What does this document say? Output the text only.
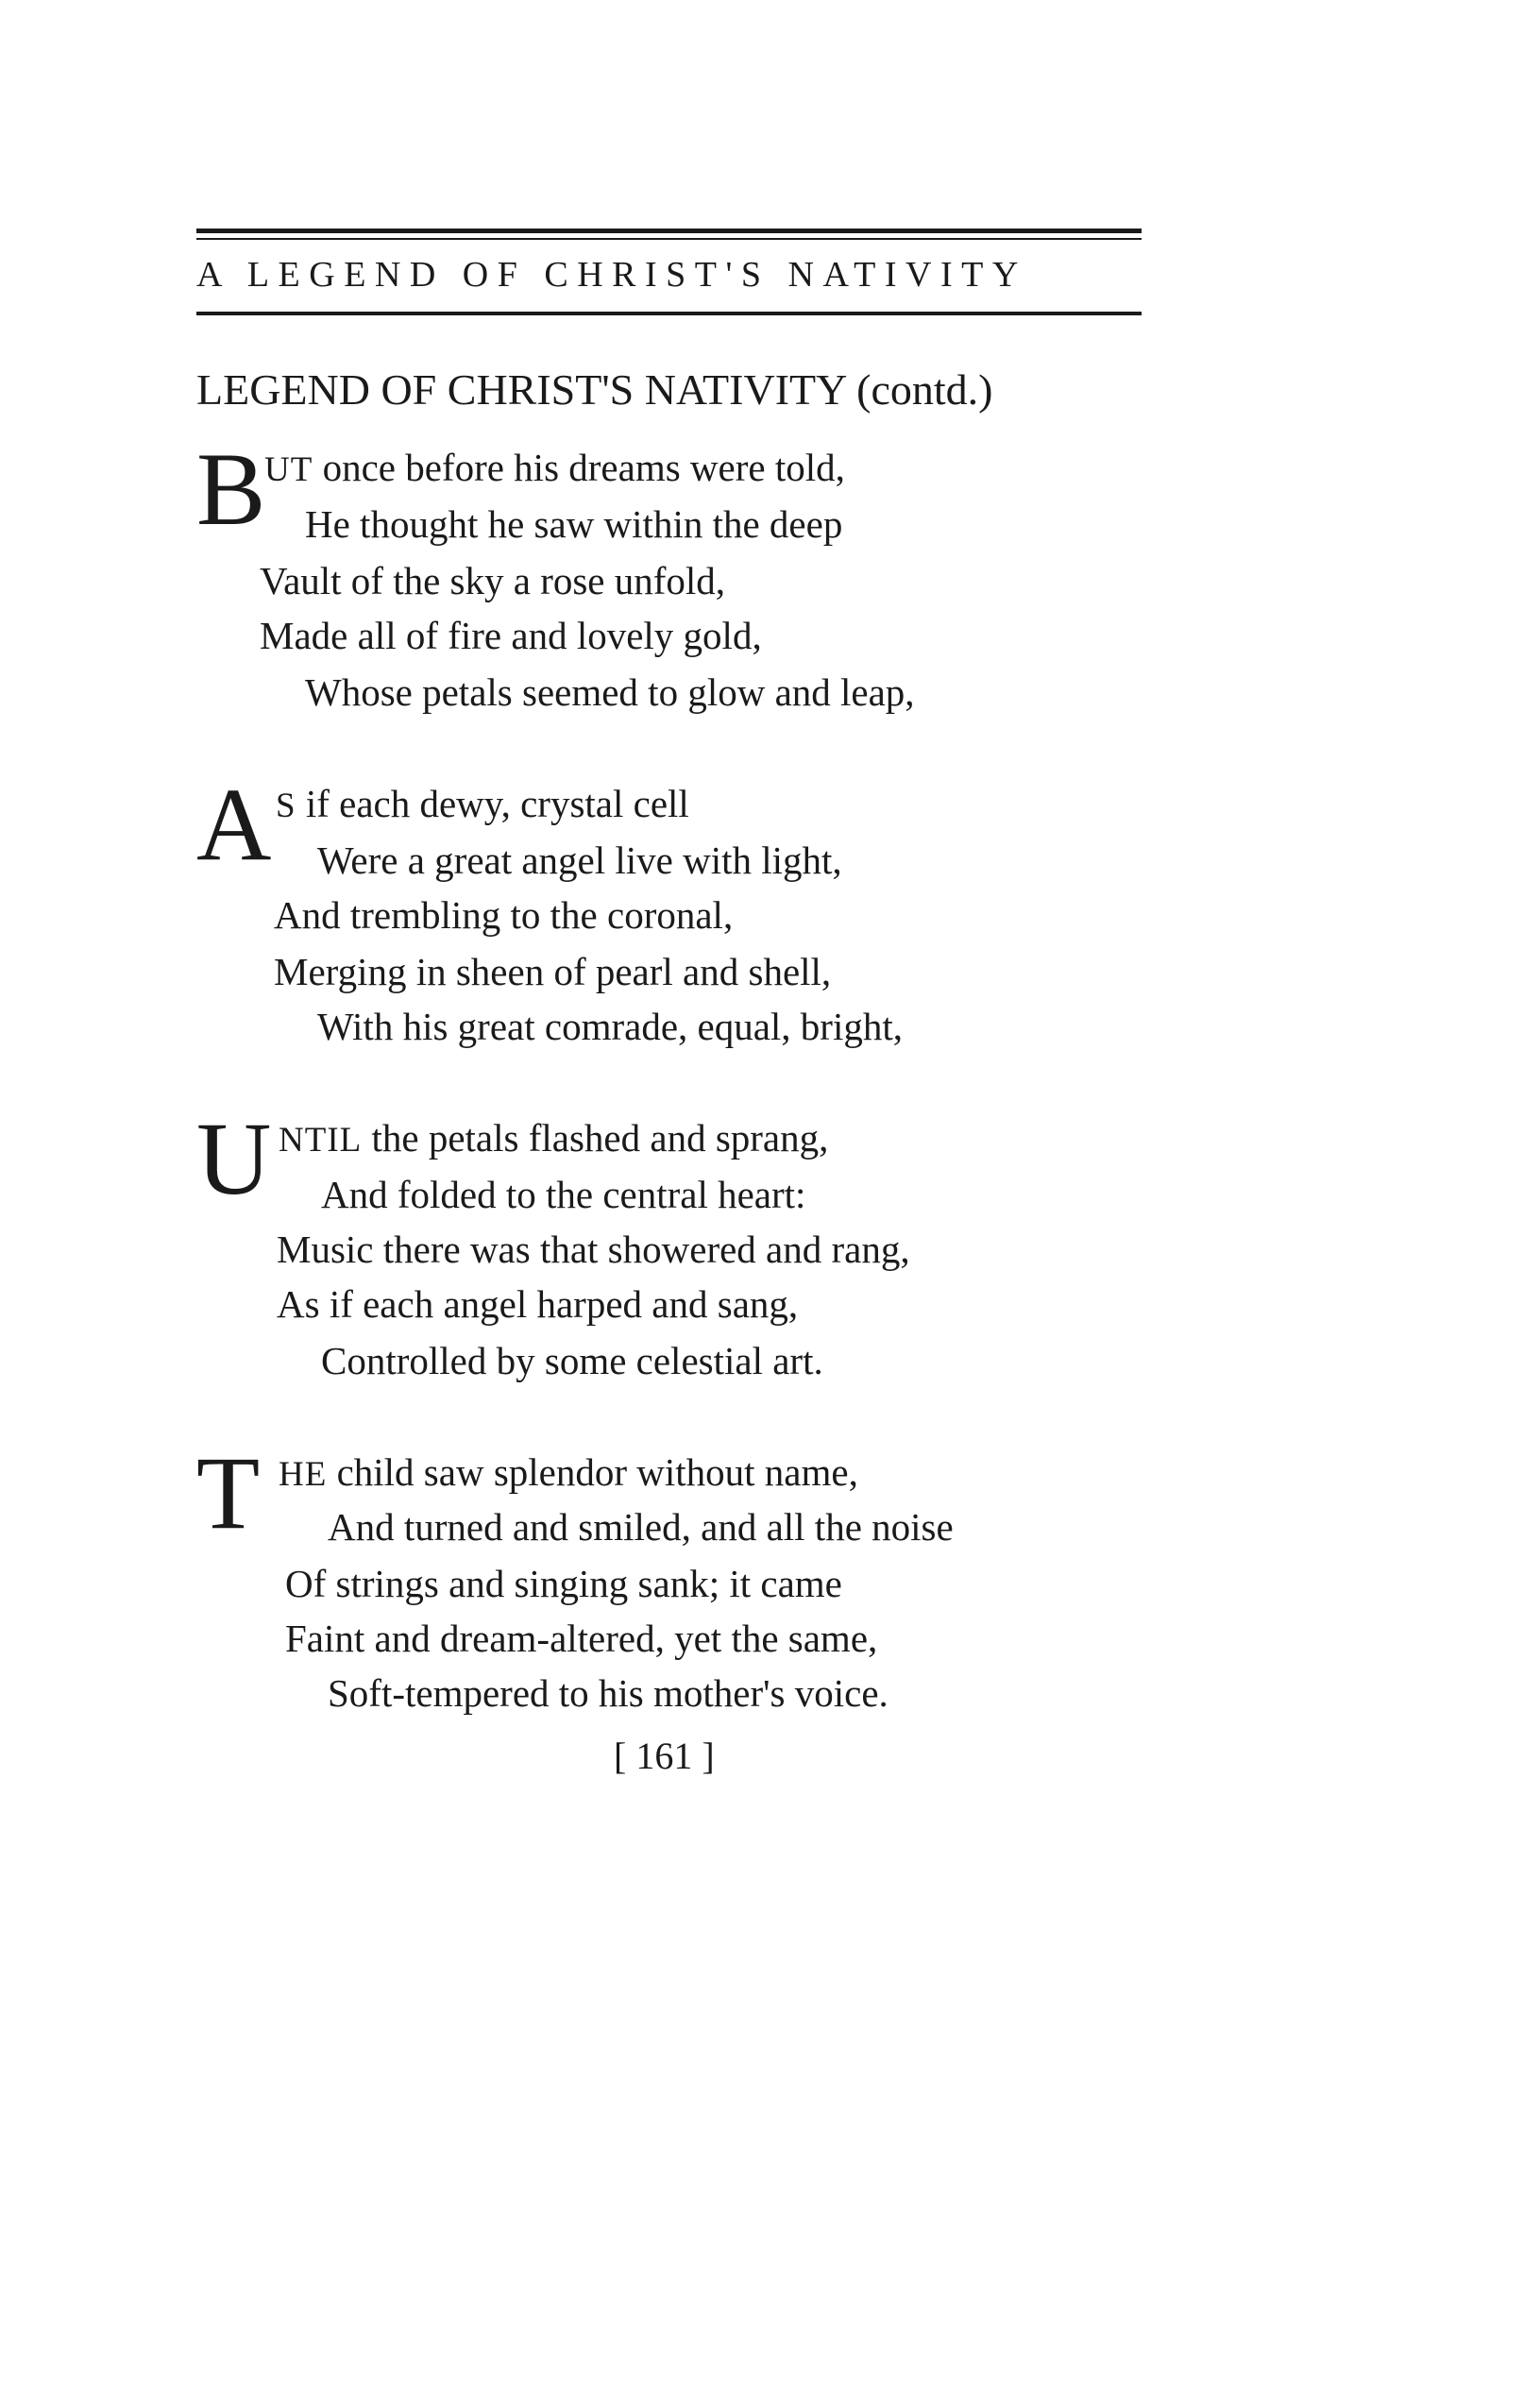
A LEGEND OF CHRIST'S NATIVITY
LEGEND OF CHRIST'S NATIVITY (contd.)
B
UT once before his dreams were told,
He thought he saw within the deep
Vault of the sky a rose unfold,
Made all of fire and lovely gold,
Whose petals seemed to glow and leap,
A S if each dewy, crystal cell
Were a great angel live with light,
And trembling to the coronal,
Merging in sheen of pearl and shell,
With his great comrade, equal, bright,
U NTIL the petals flashed and sprang,
And folded to the central heart:
Music there was that showered and rang,
As if each angel harped and sang,
Controlled by some celestial art.
T HE child saw splendor without name,
And turned and smiled, and all the noise
Of strings and singing sank; it came
Faint and dream-altered, yet the same,
Soft-tempered to his mother's voice.
[ 161 ]
